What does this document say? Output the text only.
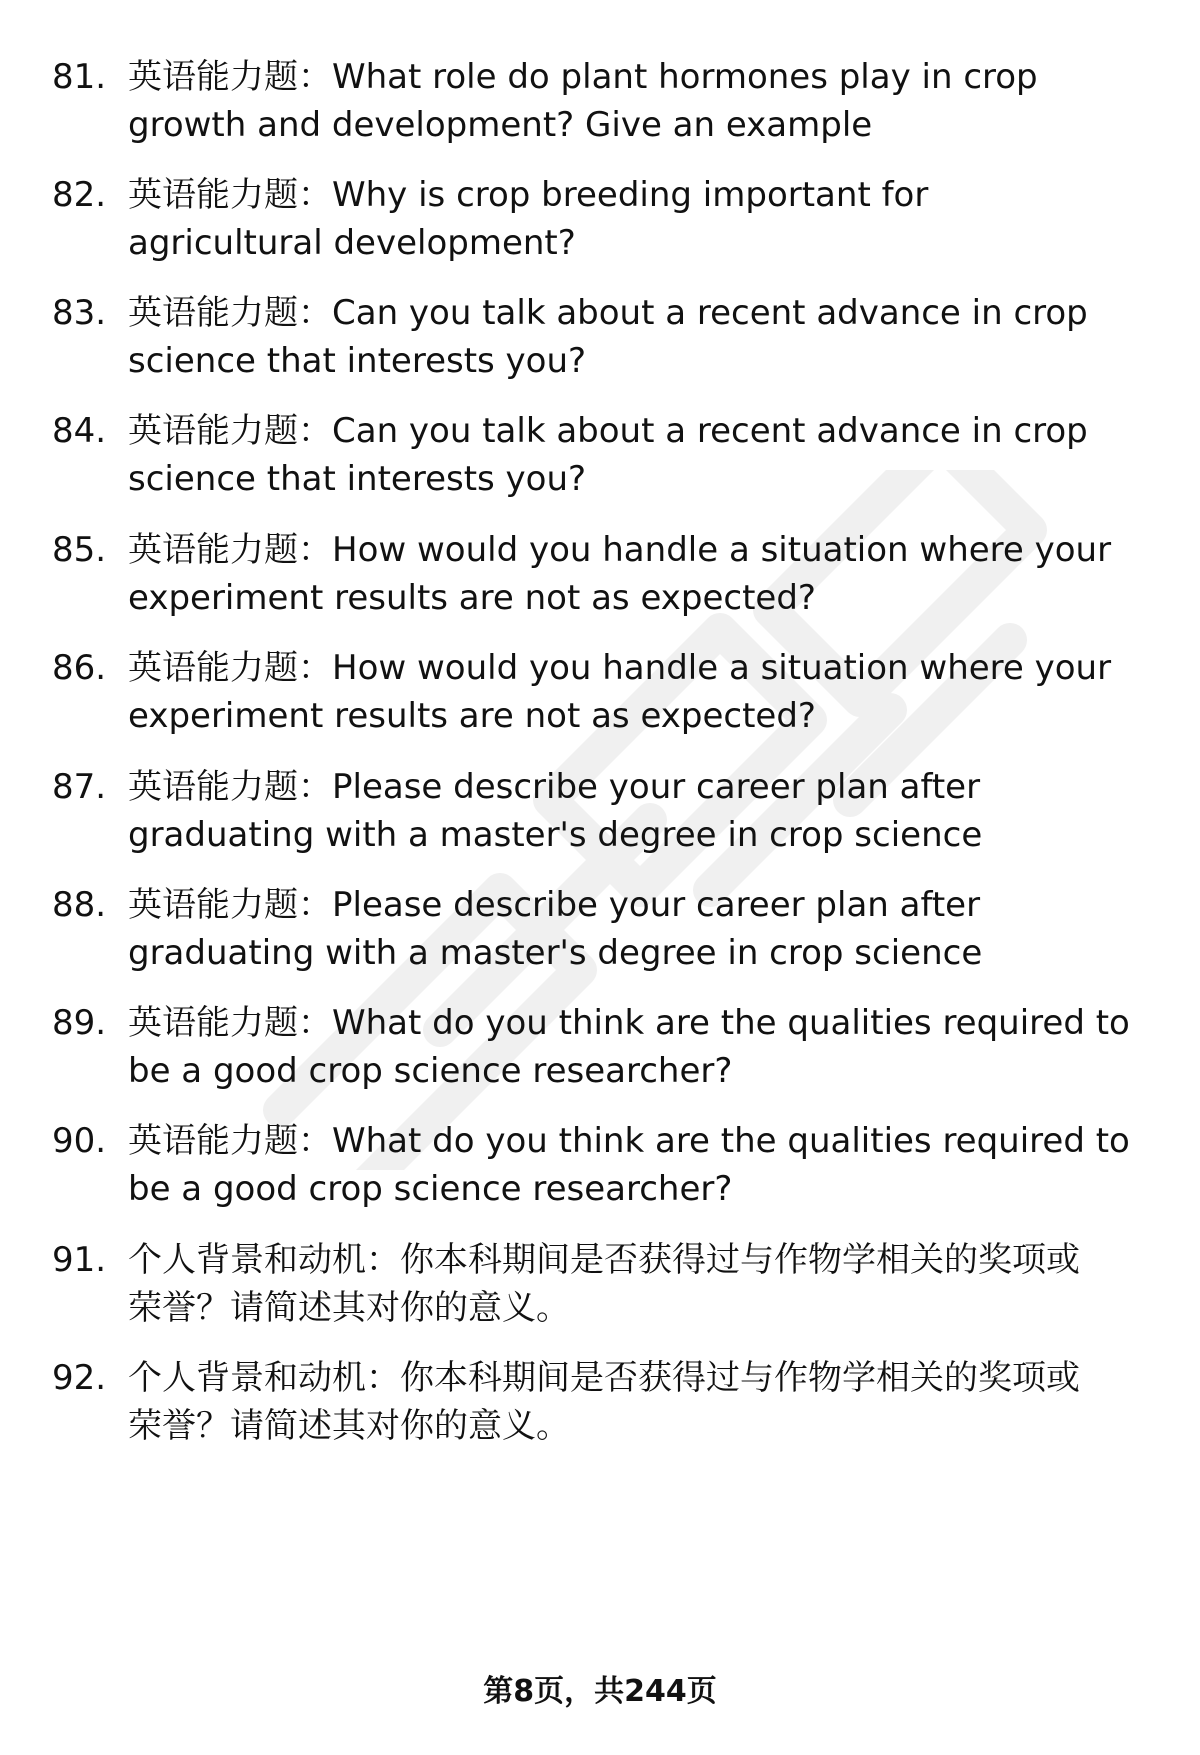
81. 英语能力题：What role do plant hormones play in crop
growth and development? Give an example

82. 英语能力题：Why is crop breeding important for
agricultural development?

83. 英语能力题：Can you talk about a recent advance in crop
science that interests you?

84. 英语能力题：Can you talk about a recent advance in crop
science that interests you?

85. 英语能力题：How would you handle a situation where your
experiment results are not as expected?

86. 英语能力题：How would you handle a situation where your
experiment results are not as expected?

87. 英语能力题：Please describe your career plan after
graduating with a master's degree in crop science

88. 英语能力题：Please describe your career plan after
graduating with a master's degree in crop science

89. 英语能力题：What do you think are the qualities required to
be a good crop science researcher?

90. 英语能力题：What do you think are the qualities required to
be a good crop science researcher?

91. 个人背景和动机：你本科期间是否获得过与作物学相关的奖项或
荣誉？请简述其对你的意义。

92. 个人背景和动机：你本科期间是否获得过与作物学相关的奖项或
荣誉？请简述其对你的意义。

第8页，共244页
